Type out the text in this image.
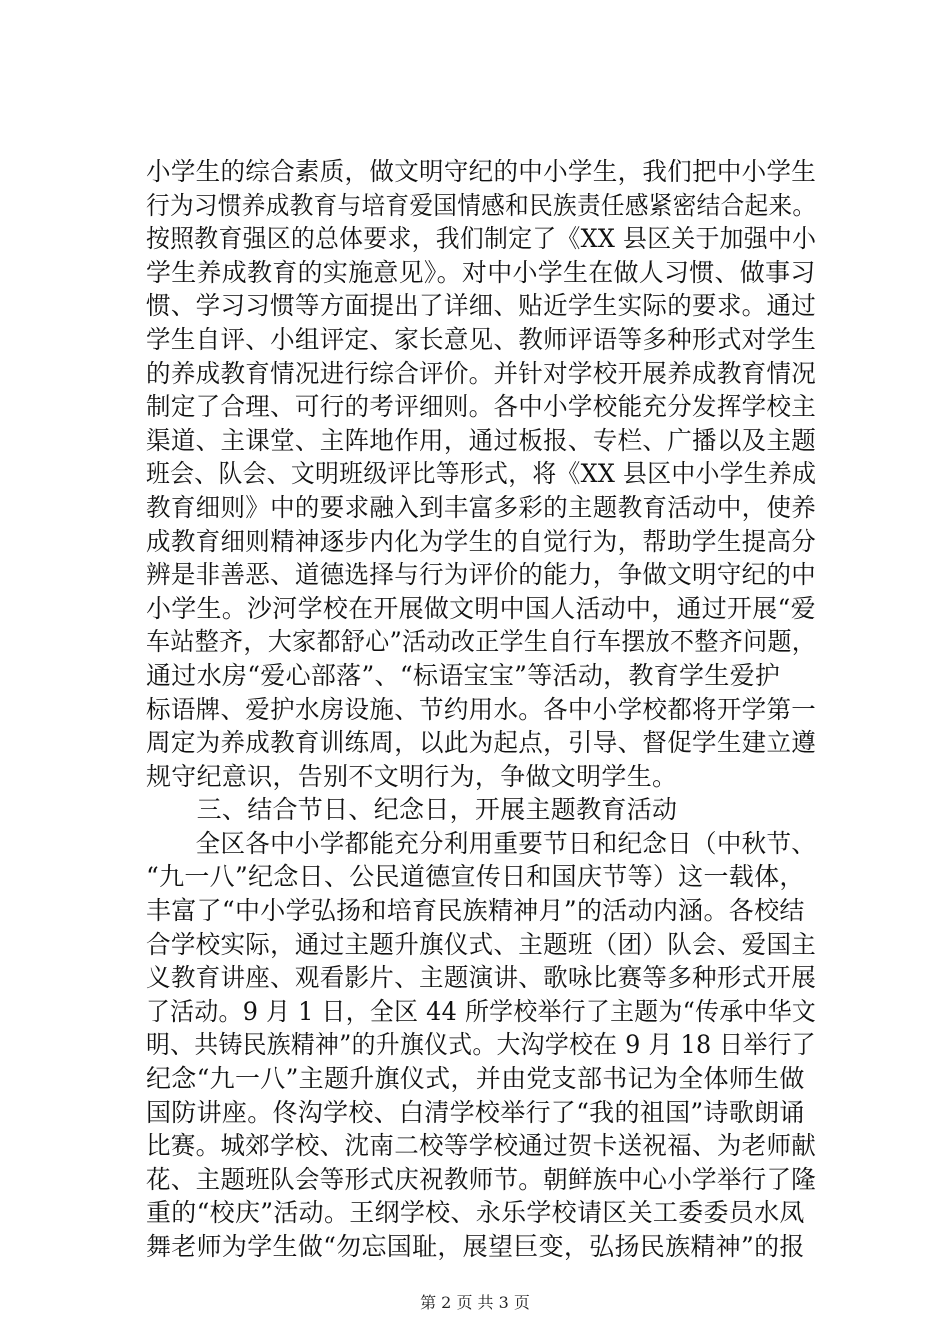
小学生的综合素质，做文明守纪的中小学生，我们把中小学生
行为习惯养成教育与培育爱国情感和民族责任感紧密结合起来。
按照教育强区的总体要求，我们制定了《XX 县区关于加强中小
学生养成教育的实施意见》。对中小学生在做人习惯、做事习
惯、学习习惯等方面提出了详细、贴近学生实际的要求。通过
学生自评、小组评定、家长意见、教师评语等多种形式对学生
的养成教育情况进行综合评价。并针对学校开展养成教育情况
制定了合理、可行的考评细则。各中小学校能充分发挥学校主
渠道、主课堂、主阵地作用，通过板报、专栏、广播以及主题
班会、队会、文明班级评比等形式，将《XX 县区中小学生养成
教育细则》中的要求融入到丰富多彩的主题教育活动中，使养
成教育细则精神逐步内化为学生的自觉行为，帮助学生提高分
辨是非善恶、道德选择与行为评价的能力，争做文明守纪的中
小学生。沙河学校在开展做文明中国人活动中，通过开展“爱
车站整齐，大家都舒心”活动改正学生自行车摆放不整齐问题，
通过水房“爱心部落”、“标语宝宝”等活动，教育学生爱护
标语牌、爱护水房设施、节约用水。各中小学校都将开学第一
周定为养成教育训练周，以此为起点，引导、督促学生建立遵
规守纪意识，告别不文明行为，争做文明学生。
　　三、结合节日、纪念日，开展主题教育活动
　　全区各中小学都能充分利用重要节日和纪念日（中秋节、
“九一八”纪念日、公民道德宣传日和国庆节等）这一载体，
丰富了“中小学弘扬和培育民族精神月”的活动内涵。各校结
合学校实际，通过主题升旗仪式、主题班（团）队会、爱国主
义教育讲座、观看影片、主题演讲、歌咏比赛等多种形式开展
了活动。9 月 1 日，全区 44 所学校举行了主题为“传承中华文
明、共铸民族精神”的升旗仪式。大沟学校在 9 月 18 日举行了
纪念“九一八”主题升旗仪式，并由党支部书记为全体师生做
国防讲座。佟沟学校、白清学校举行了“我的祖国”诗歌朗诵
比赛。城郊学校、沈南二校等学校通过贺卡送祝福、为老师献
花、主题班队会等形式庆祝教师节。朝鲜族中心小学举行了隆
重的“校庆”活动。王纲学校、永乐学校请区关工委委员水凤
舞老师为学生做“勿忘国耻，展望巨变，弘扬民族精神”的报
第 2 页 共 3 页
